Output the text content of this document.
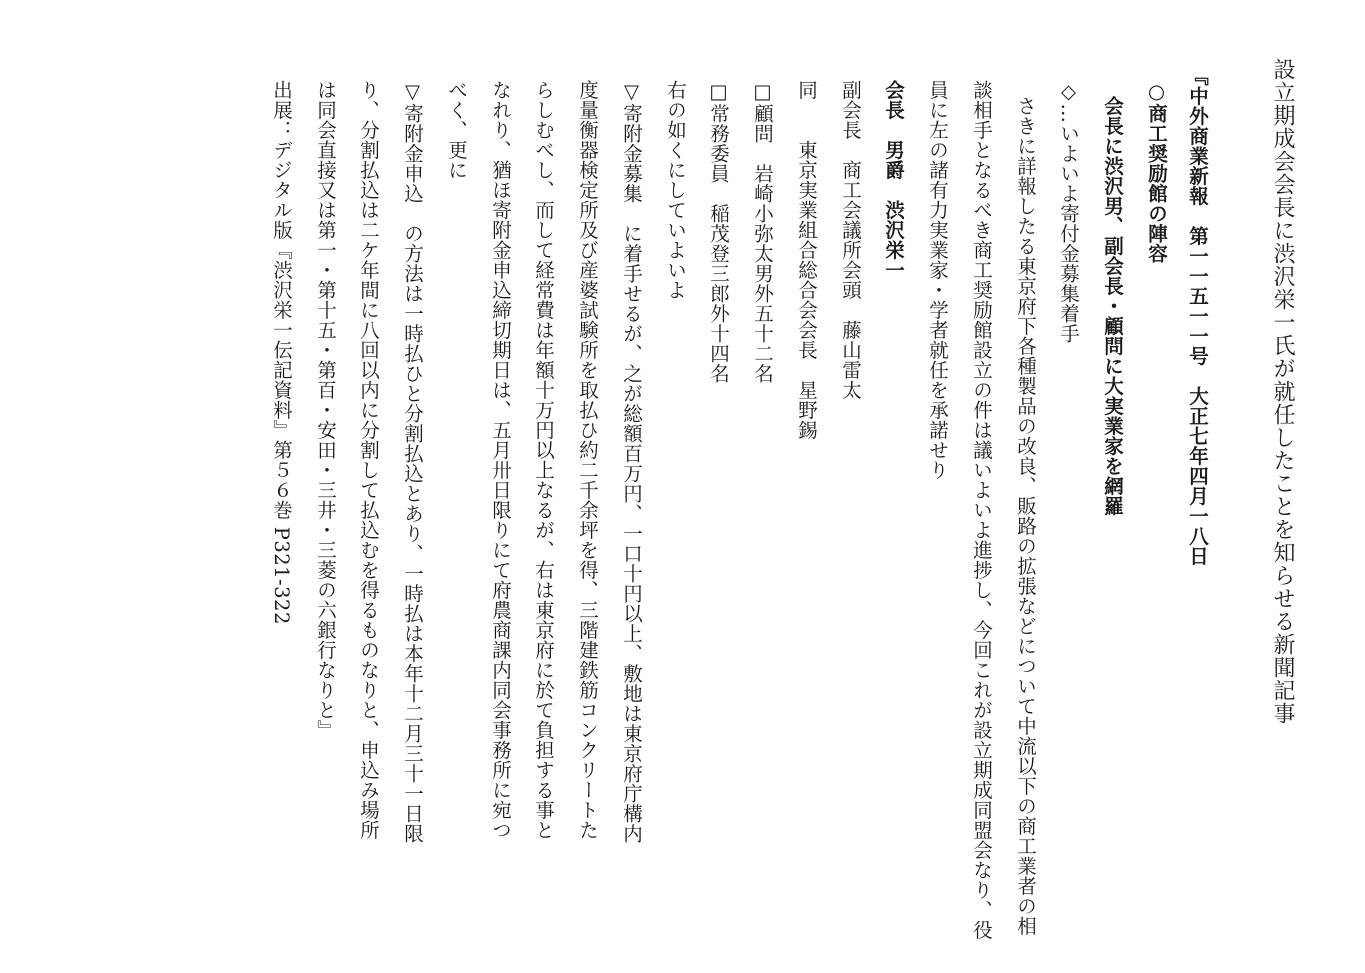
設立期成会会長に渋沢栄一氏が就任したことを知らせる新聞記事
『中外商業新報　第一一五一一号　大正七年四月一八日
○商工奨励館の陣容
会長に渋沢男、副会長・顧問に大実業家を網羅
◇…いよいよ寄付金募集着手
さきに詳報したる東京府下各種製品の改良、販路の拡張などについて中流以下の商工業者の相
談相手となるべき商工奨励館設立の件は議いよいよ進捗し、今回これが設立期成同盟会なり、役
員に左の諸有力実業家・学者就任を承諾せり
会長　男爵　渋沢栄一
副会長　商工会議所会頭　藤山雷太
同　　東京実業組合総合会会長　星野錫
□顧問　岩崎小弥太男外五十二名
□常務委員　稲茂登三郎外十四名
右の如くにしていよいよ
▽寄附金募集　に着手せるが、之が総額百万円、一口十円以上、敷地は東京府庁構内
度量衡器検定所及び産婆試験所を取払ひ約二千余坪を得、三階建鉄筋コンクリートた
らしむべし、而して経常費は年額十万円以上なるが、右は東京府に於て負担する事と
なれり、猶ほ寄附金申込締切期日は、五月卅日限りにて府農商課内同会事務所に宛つ
べく、更に
▽寄附金申込　の方法は一時払ひと分割払込とあり、一時払は本年十二月三十一日限
り、分割払込は二ケ年間に八回以内に分割して払込むを得るものなりと、申込み場所
は同会直接又は第一・第十五・第百・安田・三井・三菱の六銀行なりと』
出展：デジタル版『渋沢栄一伝記資料』第５６巻 P321-322
